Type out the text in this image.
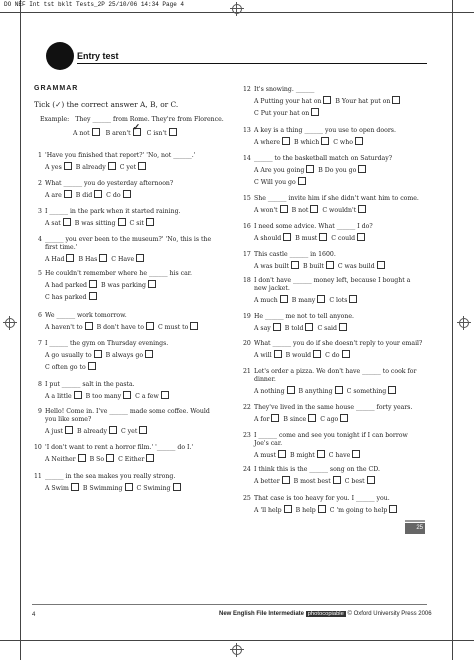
DO NEF Int tst bklt Tests_2P 25/10/06 14:34 Page 4
Entry test
GRAMMAR
Tick (✓) the correct answer A, B, or C.
Example: They ______ from Rome. They're from Florence.
A not	B aren't
✓
C isn't
1 'Have you finished that report?' 'No, not ______.'
A yes B already C yet
2 What ______ you do yesterday afternoon?
A are B did C do
3 I ______ in the park when it started raining.
A sat B was sitting C sit
4 ______ you ever been to the museum?' 'No, this is the first time.'
A Had B Has C Have
5 He couldn't remember where he ______ his car.
A had parked B was parking
C has parked
6 We ______ work tomorrow.
A haven't to B don't have to C must to
7 I ______ the gym on Thursday evenings.
A go usually to B always go
C often go to
8 I put ______ salt in the pasta.
A a little B too many C a few
9 Hello! Come in. I've ______ made some coffee. Would you like some?
A just B already C yet
10 'I don't want to rent a horror film.' '______ do I.'
A Neither B So C Either
11 ______ in the sea makes you really strong.
A Swim B Swimming C Swiming
12 It's snowing. ______
A Putting your hat on B Your hat put on
C Put your hat on
13 A key is a thing ______ you use to open doors.
A where B which C who
14 ______ to the basketball match on Saturday?
A Are you going B Do you go
C Will you go
15 She ______ invite him if she didn't want him to come.
A won't B not C wouldn't
16 I need some advice. What ______ I do?
A should B must C could
17 This castle ______ in 1600.
A was built B built C was build
18 I don't have ______ money left, because I bought a new jacket.
A much B many C lots
19 He ______ me not to tell anyone.
A say B told C said
20 What ______ you do if she doesn't reply to your email?
A will B would C do
21 Let's order a pizza. We don't have ______ to cook for dinner.
A nothing B anything C something
22 They've lived in the same house ______ forty years.
A for B since C ago
23 I ______ come and see you tonight if I can borrow Joe's car.
A must B might C have
24 I think this is the ______ song on the CD.
A better B most best C best
25 That case is too heavy for you. I ______ you.
A 'll help B help C 'm going to help
25
4	New English File Intermediate photocopiable © Oxford University Press 2006
